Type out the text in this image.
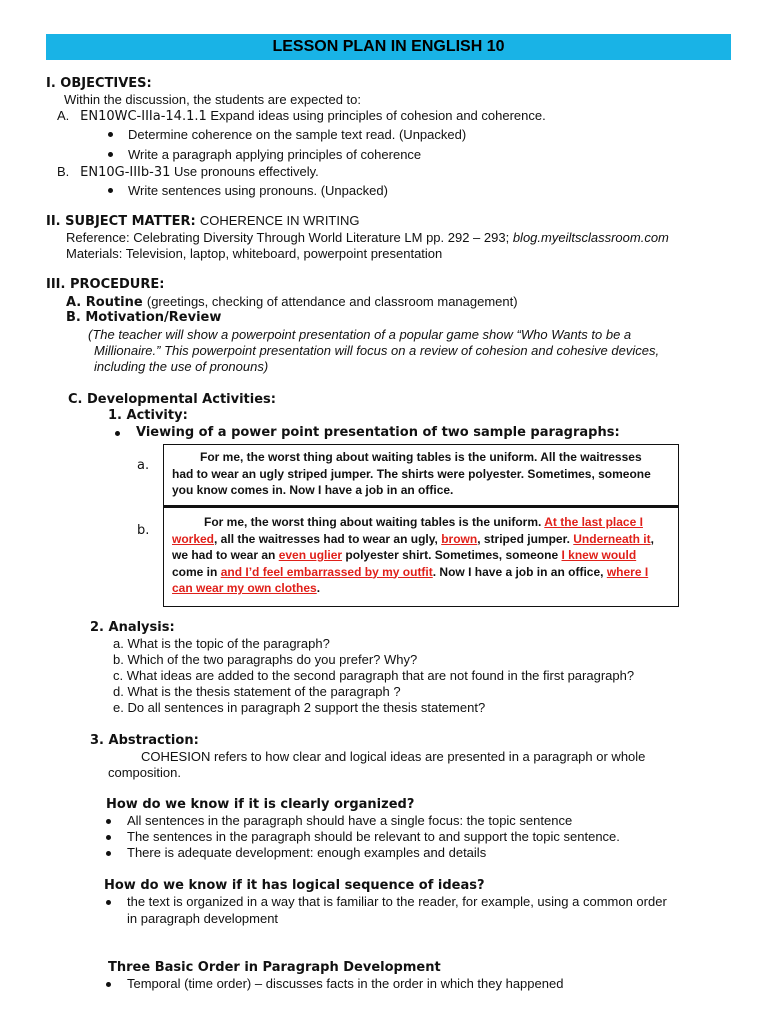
LESSON PLAN IN ENGLISH 10
I. OBJECTIVES:
Within the discussion, the students are expected to:
A. EN10WC-IIIa-14.1.1 Expand ideas using principles of cohesion and coherence.
Determine coherence on the sample text read. (Unpacked)
Write a paragraph applying principles of coherence
B. EN10G-IIIb-31 Use pronouns effectively.
Write sentences using pronouns. (Unpacked)
II. SUBJECT MATTER: COHERENCE IN WRITING
Reference: Celebrating Diversity Through World Literature LM pp. 292 – 293; blog.myeiltsclassroom.com
Materials: Television, laptop, whiteboard, powerpoint presentation
III. PROCEDURE:
A. Routine (greetings, checking of attendance and classroom management)
B. Motivation/Review
(The teacher will show a powerpoint presentation of a popular game show “Who Wants to be a
Millionaire.” This powerpoint presentation will focus on a review of cohesion and cohesive devices,
including the use of pronouns)
C. Developmental Activities:
1. Activity:
Viewing of a power point presentation of two sample paragraphs:
a.
For me, the worst thing about waiting tables is the uniform. All the waitresses
had to wear an ugly striped jumper. The shirts were polyester. Sometimes, someone
you know comes in. Now I have a job in an office.
b.
For me, the worst thing about waiting tables is the uniform. At the last place I
worked, all the waitresses had to wear an ugly, brown, striped jumper. Underneath it,
we had to wear an even uglier polyester shirt. Sometimes, someone I knew would
come in and I’d feel embarrassed by my outfit. Now I have a job in an office, where I
can wear my own clothes.
2. Analysis:
a. What is the topic of the paragraph?
b. Which of the two paragraphs do you prefer? Why?
c. What ideas are added to the second paragraph that are not found in the first paragraph?
d. What is the thesis statement of the paragraph ?
e. Do all sentences in paragraph 2 support the thesis statement?
3. Abstraction:
COHESION refers to how clear and logical ideas are presented in a paragraph or whole
composition.
How do we know if it is clearly organized?
All sentences in the paragraph should have a single focus: the topic sentence
The sentences in the paragraph should be relevant to and support the topic sentence.
There is adequate development: enough examples and details
How do we know if it has logical sequence of ideas?
the text is organized in a way that is familiar to the reader, for example, using a common order
in paragraph development
Three Basic Order in Paragraph Development
Temporal (time order) – discusses facts in the order in which they happened
